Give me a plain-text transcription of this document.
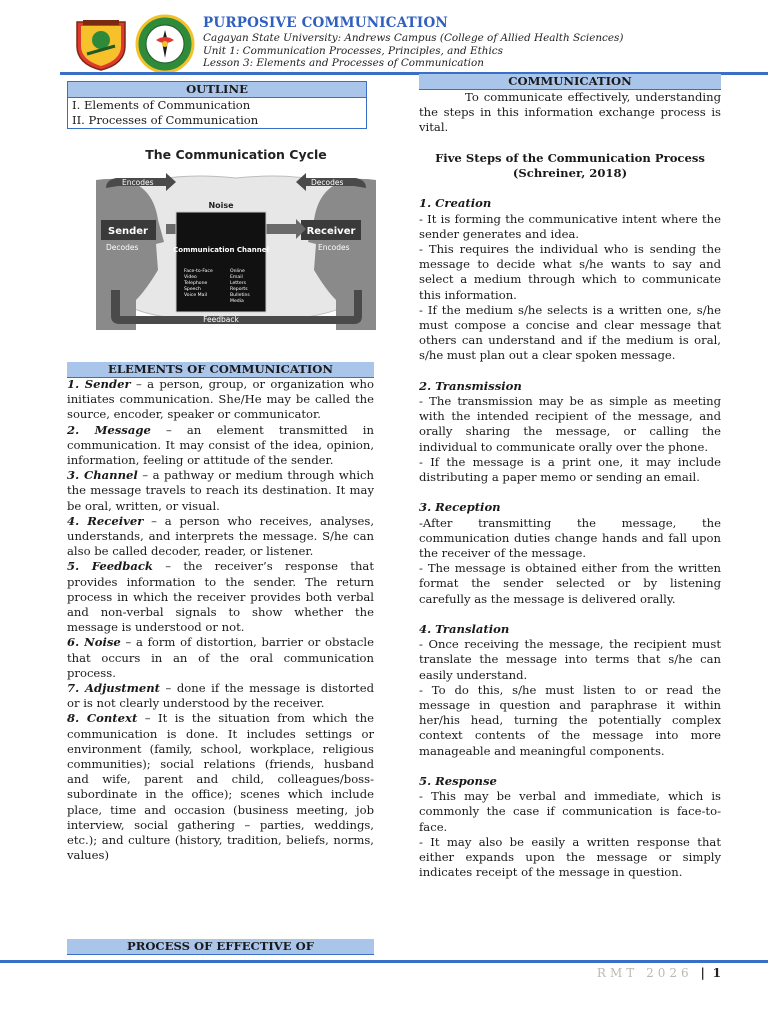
PURPOSIVE COMMUNICATION
Cagayan State University: Andrews Campus (College of Allied Health Sciences)
Unit 1: Communication Processes, Principles, and Ethics
Lesson 3: Elements and Processes of Communication
OUTLINE
I. Elements of Communication
II. Processes of Communication
The Communication Cycle
Encodes	Decodes
Decodes	Encodes
Sender	Receiver
Noise
Communication Channel
Face-to-Face
Video
Telephone
Speech
Voice Mail
Online
Email
Letters
Reports
Bulletins
Media
Feedback
ELEMENTS OF COMMUNICATION

1. Sender – a person, group, or organization who initiates communication. She/He may be called the source, encoder, speaker or communicator.

2. Message – an element transmitted in communication. It may consist of the idea, opinion, information, feeling or attitude of the sender.

3. Channel – a pathway or medium through which the message travels to reach its destination. It may be oral, written, or visual.

4. Receiver – a person who receives, analyses, understands, and interprets the message. S/he can also be called decoder, reader, or listener.

5. Feedback – the receiver’s response that provides information to the sender. The return process in which the receiver provides both verbal and non-verbal signals to show whether the message is understood or not.

6. Noise – a form of distortion, barrier or obstacle that occurs in an of the oral communication process.

7. Adjustment – done if the message is distorted or is not clearly understood by the receiver.

8. Context – It is the situation from which the communication is done. It includes settings or environment (family, school, workplace, religious communities); social relations (friends, husband and wife, parent and child, colleagues/boss- subordinate in the office); scenes which include place, time and occasion (business meeting, job interview, social gathering – parties, weddings, etc.); and culture (history, tradition, beliefs, norms, values)

PROCESS OF EFFECTIVE OF
COMMUNICATION

To communicate effectively, understanding the steps in this information exchange process is vital.

Five Steps of the Communication Process (Schreiner, 2018)

1. Creation

- It is forming the communicative intent where the sender generates and idea.

- This requires the individual who is sending the message to decide what s/he wants to say and select a medium through which to communicate this information.

- If the medium s/he selects is a written one, s/he must compose a concise and clear message that others can understand and if the medium is oral, s/he must plan out a clear spoken message.

2. Transmission

- The transmission may be as simple as meeting with the intended recipient of the message, and orally sharing the message, or calling the individual to communicate orally over the phone.

- If the message is a print one, it may include distributing a paper memo or sending an email.

3. Reception

-After transmitting the message, the communication duties change hands and fall upon the receiver of the message.

- The message is obtained either from the written format the sender selected or by listening carefully as the message is delivered orally.

4. Translation

- Once receiving the message, the recipient must translate the message into terms that s/he can easily understand.

- To do this, s/he must listen to or read the message in question and paraphrase it within her/his head, turning the potentially complex context contents of the message into more manageable and meaningful components.

5. Response

- This may be verbal and immediate, which is commonly the case if communication is face-to-face.

- It may also be easily a written response that either expands upon the message or simply indicates receipt of the message in question.

RMT 2026 | 1
